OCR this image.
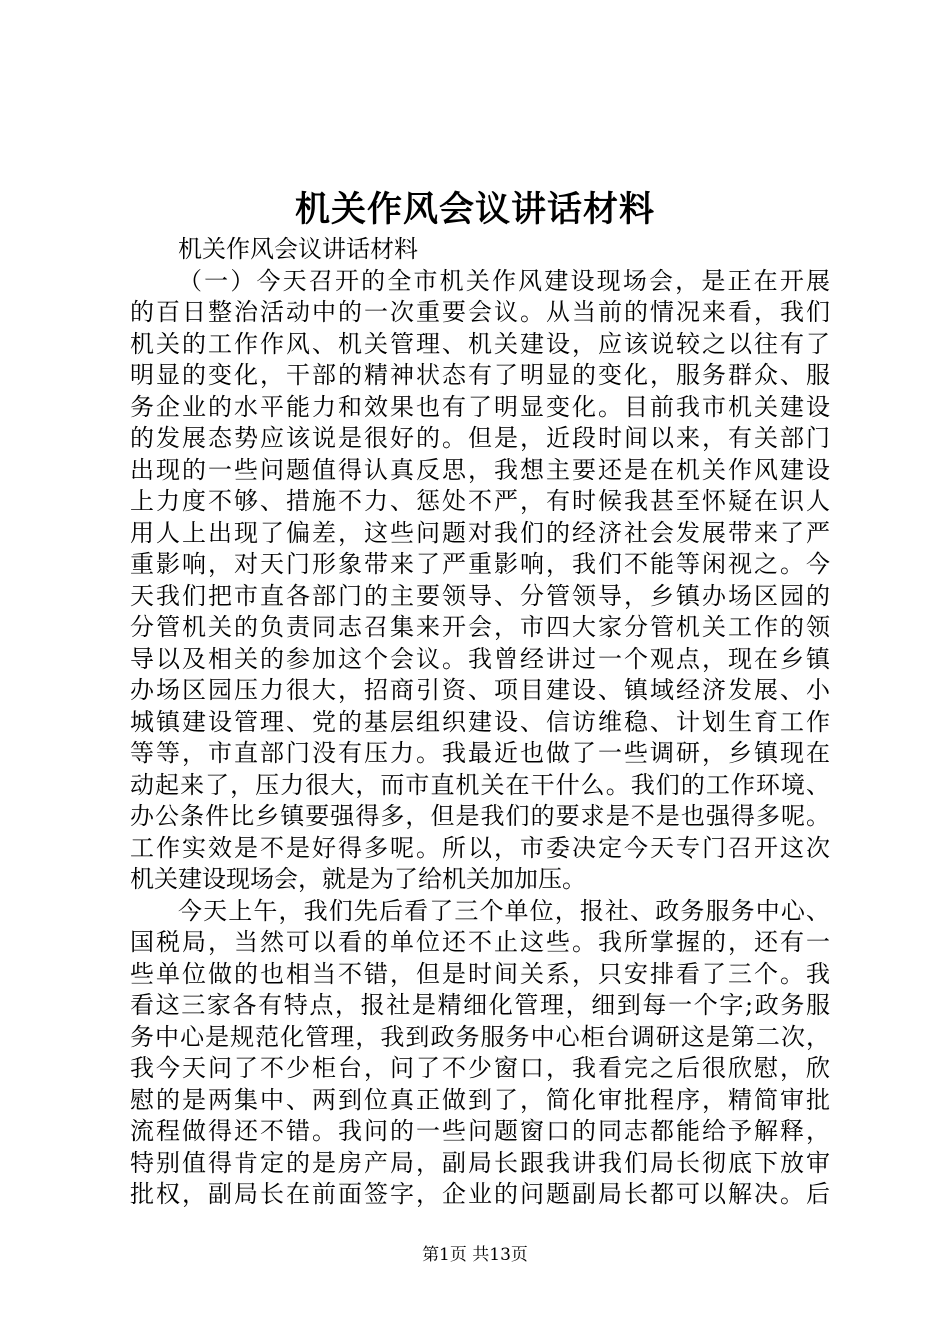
机关作风会议讲话材料
机关作风会议讲话材料
（一）今天召开的全市机关作风建设现场会，是正在开展
的百日整治活动中的一次重要会议。从当前的情况来看，我们
机关的工作作风、机关管理、机关建设，应该说较之以往有了
明显的变化，干部的精神状态有了明显的变化，服务群众、服
务企业的水平能力和效果也有了明显变化。目前我市机关建设
的发展态势应该说是很好的。但是，近段时间以来，有关部门
出现的一些问题值得认真反思，我想主要还是在机关作风建设
上力度不够、措施不力、惩处不严，有时候我甚至怀疑在识人
用人上出现了偏差，这些问题对我们的经济社会发展带来了严
重影响，对天门形象带来了严重影响，我们不能等闲视之。今
天我们把市直各部门的主要领导、分管领导，乡镇办场区园的
分管机关的负责同志召集来开会，市四大家分管机关工作的领
导以及相关的参加这个会议。我曾经讲过一个观点，现在乡镇
办场区园压力很大，招商引资、项目建设、镇域经济发展、小
城镇建设管理、党的基层组织建设、信访维稳、计划生育工作
等等，市直部门没有压力。我最近也做了一些调研，乡镇现在
动起来了，压力很大，而市直机关在干什么。我们的工作环境、
办公条件比乡镇要强得多，但是我们的要求是不是也强得多呢。
工作实效是不是好得多呢。所以，市委决定今天专门召开这次
机关建设现场会，就是为了给机关加加压。
今天上午，我们先后看了三个单位，报社、政务服务中心、
国税局，当然可以看的单位还不止这些。我所掌握的，还有一
些单位做的也相当不错，但是时间关系，只安排看了三个。我
看这三家各有特点，报社是精细化管理，细到每一个字;政务服
务中心是规范化管理，我到政务服务中心柜台调研这是第二次，
我今天问了不少柜台，问了不少窗口，我看完之后很欣慰，欣
慰的是两集中、两到位真正做到了，简化审批程序，精简审批
流程做得还不错。我问的一些问题窗口的同志都能给予解释，
特别值得肯定的是房产局，副局长跟我讲我们局长彻底下放审
批权，副局长在前面签字，企业的问题副局长都可以解决。后
第1页 共13页
